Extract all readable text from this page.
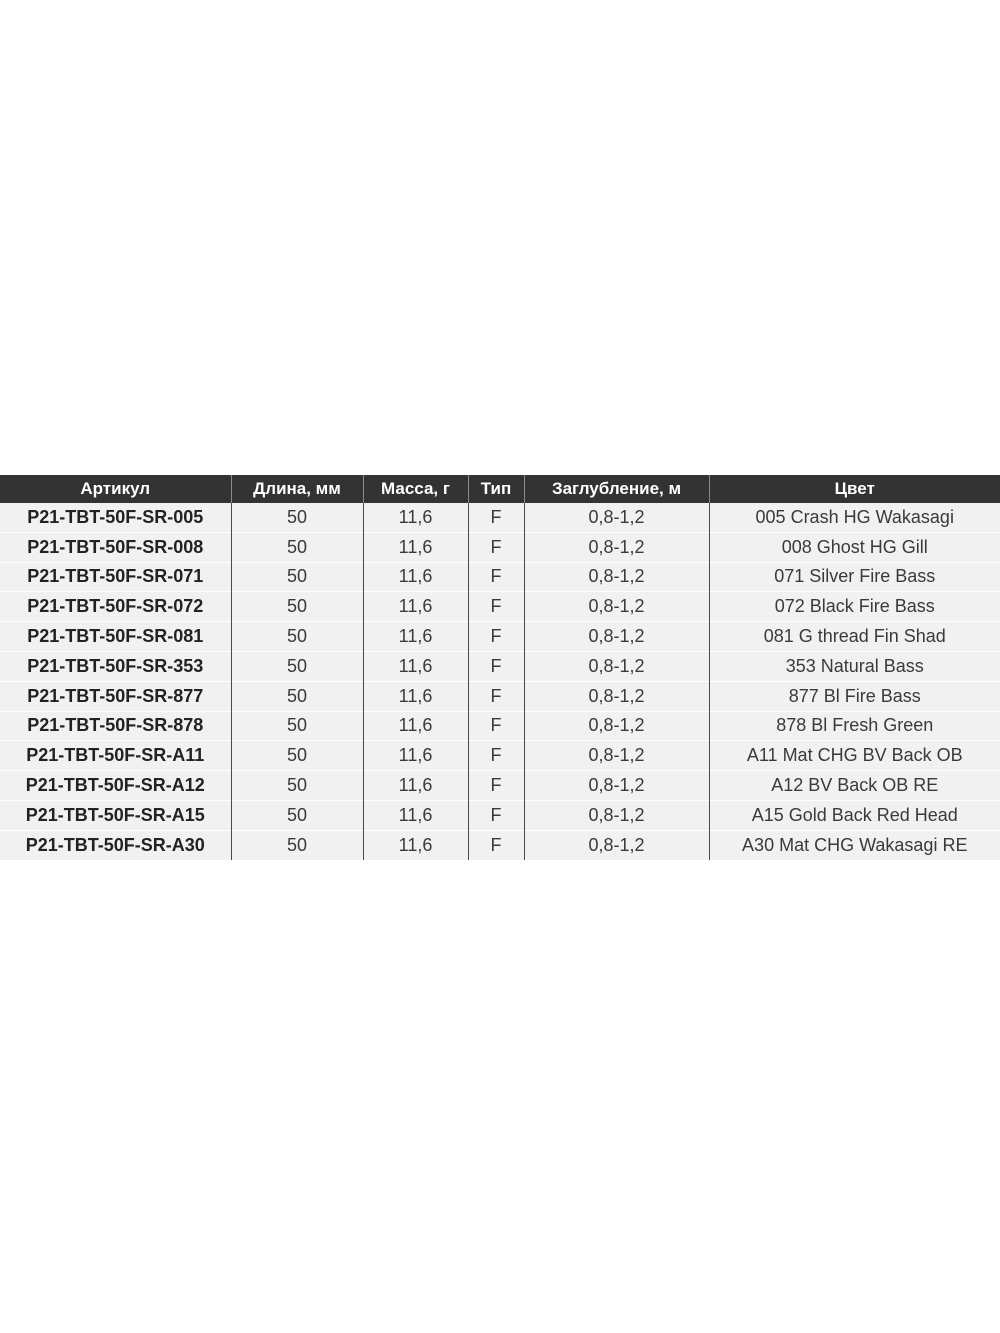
Артикул	Длина, мм	Масса, г	Тип	Заглубление, м	Цвет
P21-TBT-50F-SR-005	50	11,6	F	0,8-1,2	005 Crash HG Wakasagi
P21-TBT-50F-SR-008	50	11,6	F	0,8-1,2	008 Ghost HG Gill
P21-TBT-50F-SR-071	50	11,6	F	0,8-1,2	071 Silver Fire Bass
P21-TBT-50F-SR-072	50	11,6	F	0,8-1,2	072 Black Fire Bass
P21-TBT-50F-SR-081	50	11,6	F	0,8-1,2	081 G thread Fin Shad
P21-TBT-50F-SR-353	50	11,6	F	0,8-1,2	353 Natural Bass
P21-TBT-50F-SR-877	50	11,6	F	0,8-1,2	877 Bl Fire Bass
P21-TBT-50F-SR-878	50	11,6	F	0,8-1,2	878 Bl Fresh Green
P21-TBT-50F-SR-A11	50	11,6	F	0,8-1,2	A11 Mat CHG BV Back OB
P21-TBT-50F-SR-A12	50	11,6	F	0,8-1,2	A12 BV Back OB RE
P21-TBT-50F-SR-A15	50	11,6	F	0,8-1,2	A15 Gold Back Red Head
P21-TBT-50F-SR-A30	50	11,6	F	0,8-1,2	A30 Mat CHG Wakasagi RE
